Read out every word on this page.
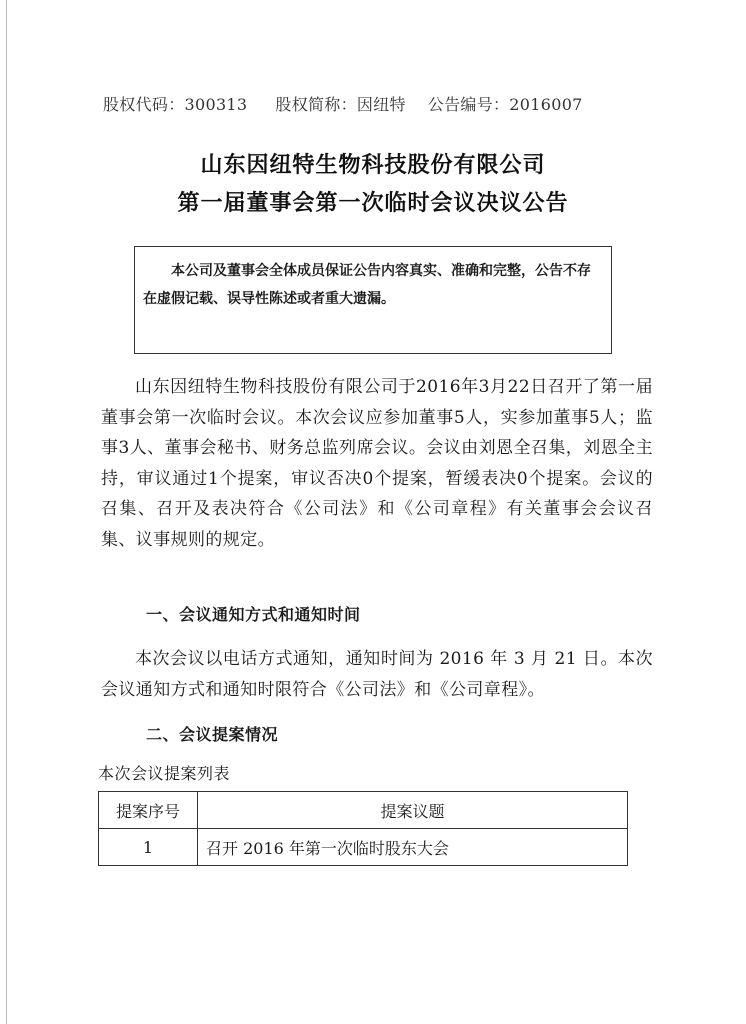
股权代码：300313 股权简称：因纽特 公告编号：2016007
山东因纽特生物科技股份有限公司
第一届董事会第一次临时会议决议公告
本公司及董事会全体成员保证公告内容真实、准确和完整，公告不存在虚假记载、误导性陈述或者重大遗漏。
山东因纽特生物科技股份有限公司于2016年3月22日召开了第一届董事会第一次临时会议。本次会议应参加董事5人，实参加董事5人；监事3人、董事会秘书、财务总监列席会议。会议由刘恩全召集，刘恩全主持，审议通过1个提案，审议否决0个提案，暂缓表决0个提案。会议的召集、召开及表决符合《公司法》和《公司章程》有关董事会会议召集、议事规则的规定。
一、会议通知方式和通知时间
本次会议以电话方式通知，通知时间为 2016 年 3 月 21 日。本次会议通知方式和通知时限符合《公司法》和《公司章程》。
二、会议提案情况
本次会议提案列表
提案序号	提案议题
1	召开 2016 年第一次临时股东大会
